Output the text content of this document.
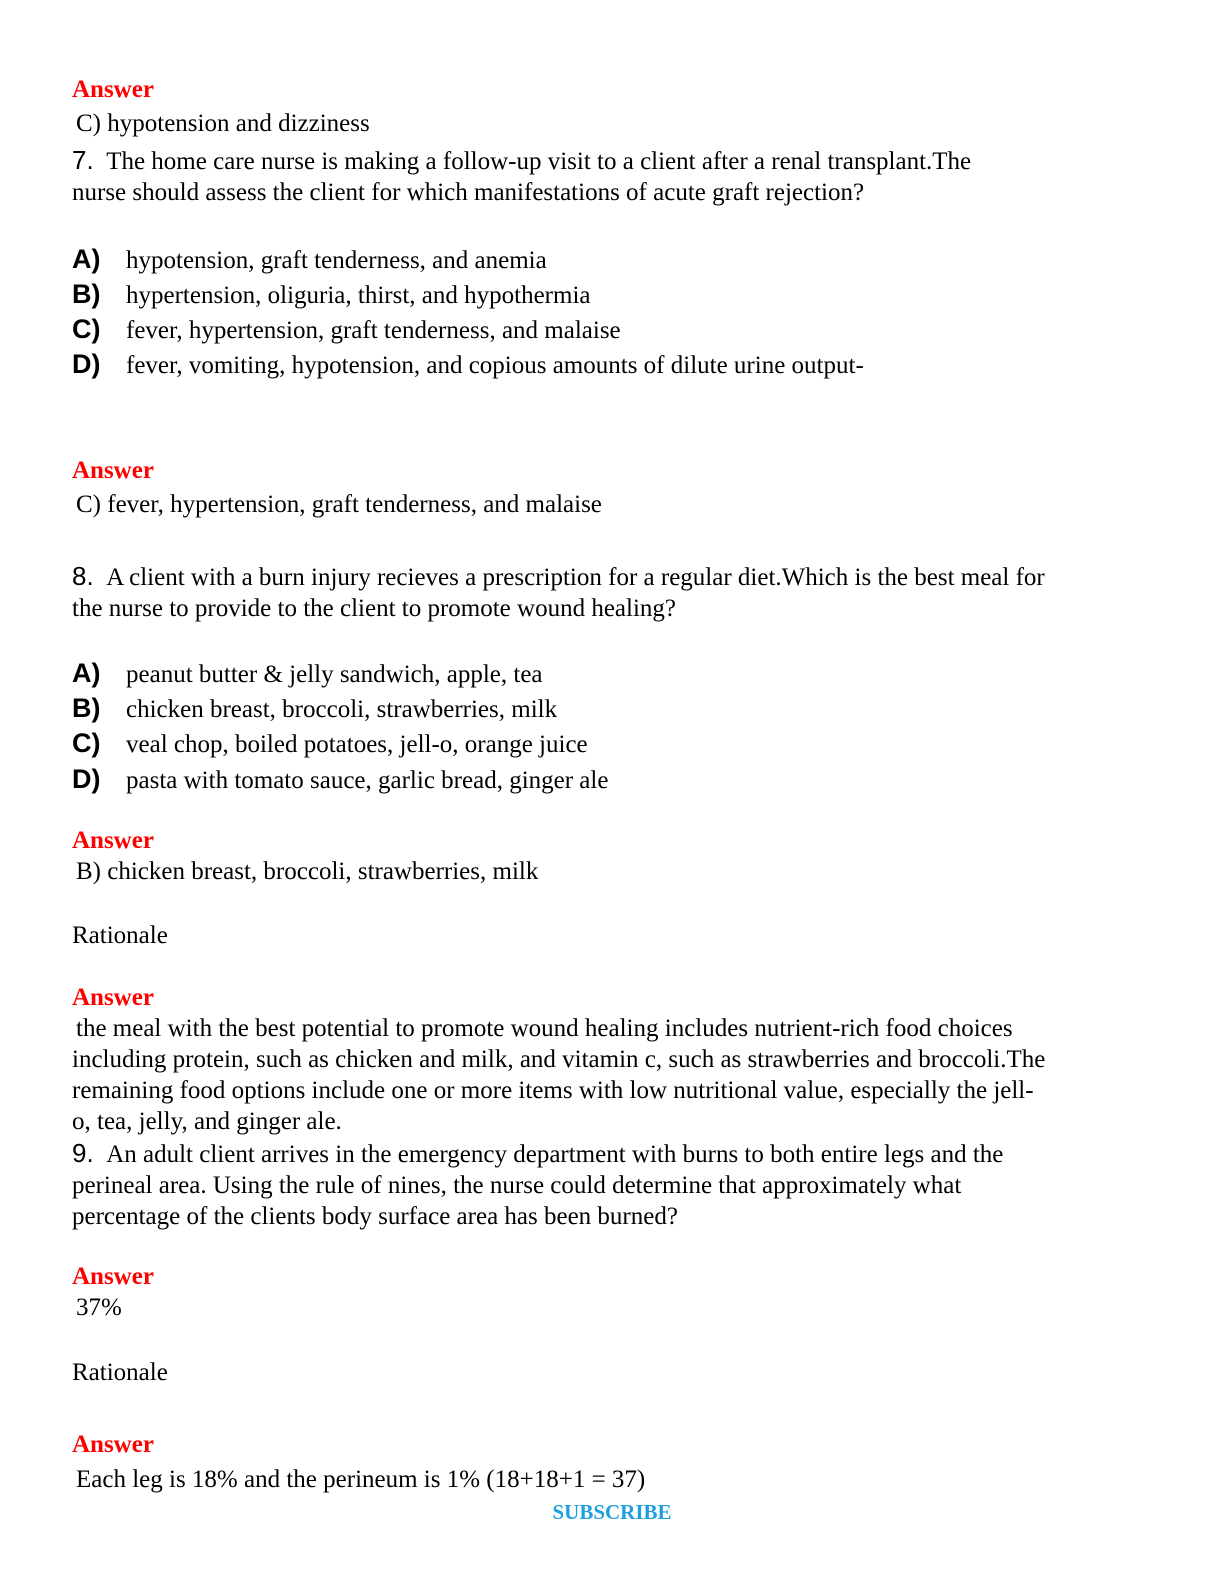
Answer
C) hypotension and dizziness
7. The home care nurse is making a follow-up visit to a client after a renal transplant.The
nurse should assess the client for which manifestations of acute graft rejection?
A) hypotension, graft tenderness, and anemia
B) hypertension, oliguria, thirst, and hypothermia
C) fever, hypertension, graft tenderness, and malaise
D) fever, vomiting, hypotension, and copious amounts of dilute urine output-
Answer
C) fever, hypertension, graft tenderness, and malaise
8. A client with a burn injury recieves a prescription for a regular diet.Which is the best meal for
the nurse to provide to the client to promote wound healing?
A) peanut butter & jelly sandwich, apple, tea
B) chicken breast, broccoli, strawberries, milk
C) veal chop, boiled potatoes, jell-o, orange juice
D) pasta with tomato sauce, garlic bread, ginger ale
Answer
B) chicken breast, broccoli, strawberries, milk
Rationale
Answer
the meal with the best potential to promote wound healing includes nutrient-rich food choices
including protein, such as chicken and milk, and vitamin c, such as strawberries and broccoli.The
remaining food options include one or more items with low nutritional value, especially the jell-
o, tea, jelly, and ginger ale.
9. An adult client arrives in the emergency department with burns to both entire legs and the
perineal area. Using the rule of nines, the nurse could determine that approximately what
percentage of the clients body surface area has been burned?
Answer
37%
Rationale
Answer
Each leg is 18% and the perineum is 1% (18+18+1 = 37)
SUBSCRIBE
